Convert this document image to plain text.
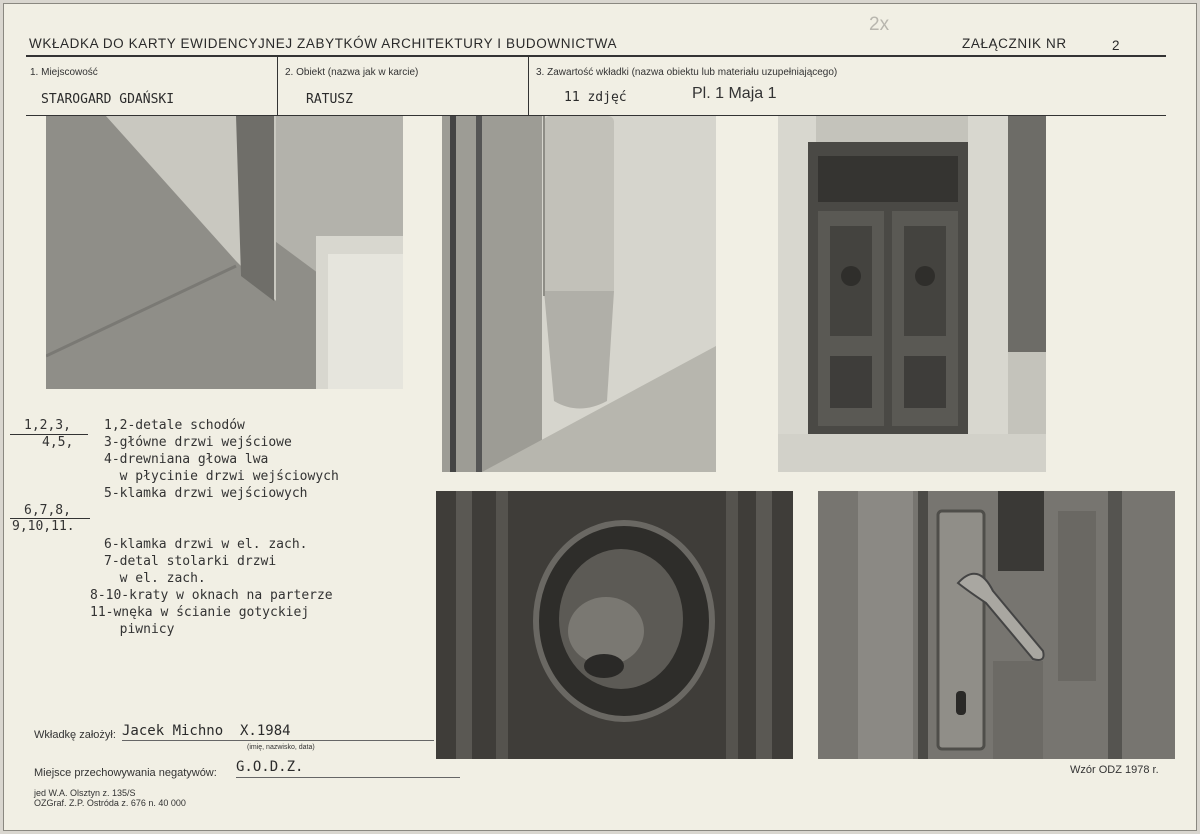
WKŁADKA DO KARTY EWIDENCYJNEJ ZABYTKÓW ARCHITEKTURY I BUDOWNICTWA	ZAŁĄCZNIK NR	2
2x
1. Miejscowość
STAROGARD GDAŃSKI
2. Obiekt (nazwa jak w karcie)
RATUSZ
3. Zawartość wkładki (nazwa obiektu lub materiału uzupełniającego)
11 zdjęć	Pl. 1 Maja 1
1,2,3,
4,5,
1,2-detale schodów
3-główne drzwi wejściowe
4-drewniana głowa lwa
w płycinie drzwi wejściowych
5-klamka drzwi wejściowych
6,7,8,
9,10,11.
6-klamka drzwi w el. zach.
7-detal stolarki drzwi
w el. zach.
8-10-kraty w oknach na parterze
11-wnęka w ścianie gotyckiej
piwnicy
Wkładkę założył: Jacek Michno  X.1984
(imię, nazwisko, data)
Miejsce przechowywania negatywów: G.O.D.Z.
jed W.A. Olsztyn z. 135/S
OZGraf. Z.P. Ostróda z. 676 n. 40 000
Wzór ODZ 1978 r.
